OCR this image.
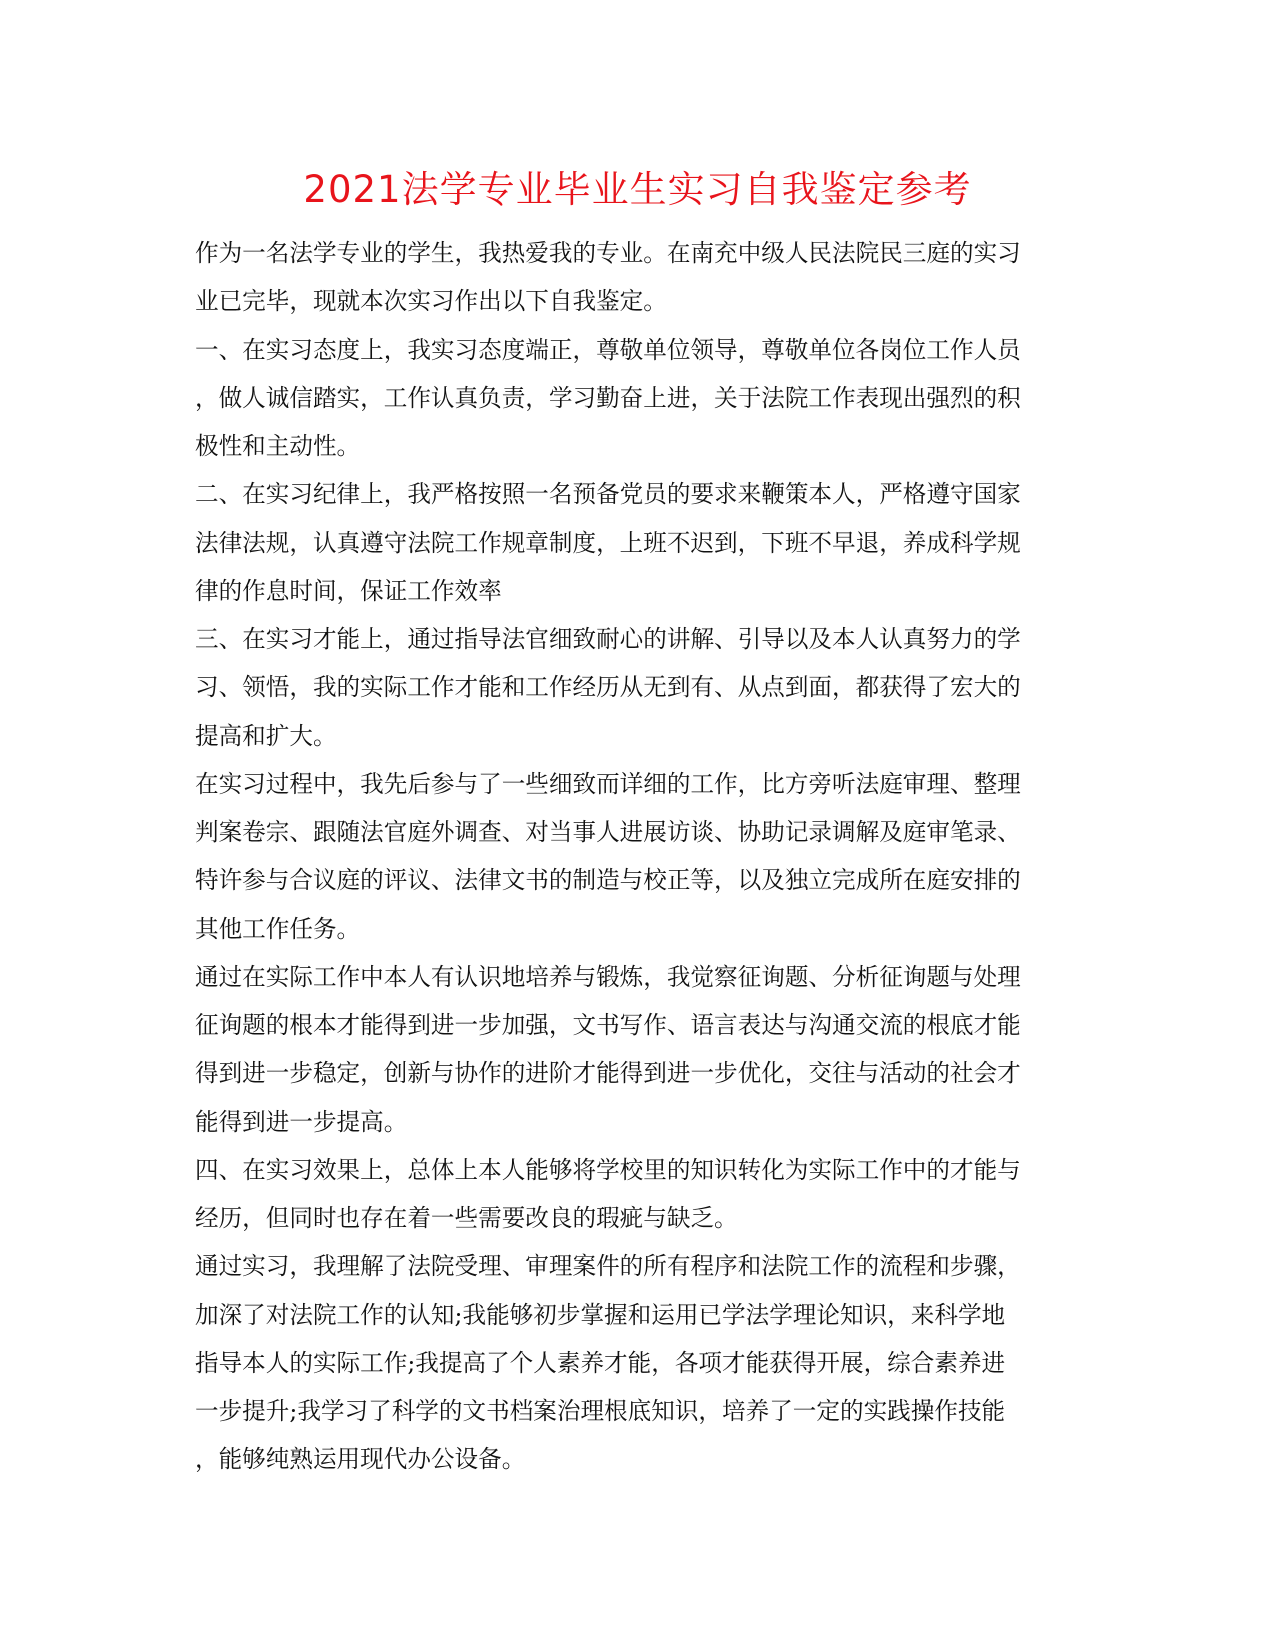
2021法学专业毕业生实习自我鉴定参考
作为一名法学专业的学生，我热爱我的专业。在南充中级人民法院民三庭的实习
业已完毕，现就本次实习作出以下自我鉴定。
一、在实习态度上，我实习态度端正，尊敬单位领导，尊敬单位各岗位工作人员
，做人诚信踏实，工作认真负责，学习勤奋上进，关于法院工作表现出强烈的积
极性和主动性。
二、在实习纪律上，我严格按照一名预备党员的要求来鞭策本人，严格遵守国家
法律法规，认真遵守法院工作规章制度，上班不迟到，下班不早退，养成科学规
律的作息时间，保证工作效率
三、在实习才能上，通过指导法官细致耐心的讲解、引导以及本人认真努力的学
习、领悟，我的实际工作才能和工作经历从无到有、从点到面，都获得了宏大的
提高和扩大。
在实习过程中，我先后参与了一些细致而详细的工作，比方旁听法庭审理、整理
判案卷宗、跟随法官庭外调查、对当事人进展访谈、协助记录调解及庭审笔录、
特许参与合议庭的评议、法律文书的制造与校正等，以及独立完成所在庭安排的
其他工作任务。
通过在实际工作中本人有认识地培养与锻炼，我觉察征询题、分析征询题与处理
征询题的根本才能得到进一步加强，文书写作、语言表达与沟通交流的根底才能
得到进一步稳定，创新与协作的进阶才能得到进一步优化，交往与活动的社会才
能得到进一步提高。
四、在实习效果上，总体上本人能够将学校里的知识转化为实际工作中的才能与
经历，但同时也存在着一些需要改良的瑕疵与缺乏。
通过实习，我理解了法院受理、审理案件的所有程序和法院工作的流程和步骤，
加深了对法院工作的认知;我能够初步掌握和运用已学法学理论知识，来科学地
指导本人的实际工作;我提高了个人素养才能，各项才能获得开展，综合素养进
一步提升;我学习了科学的文书档案治理根底知识，培养了一定的实践操作技能
，能够纯熟运用现代办公设备。
